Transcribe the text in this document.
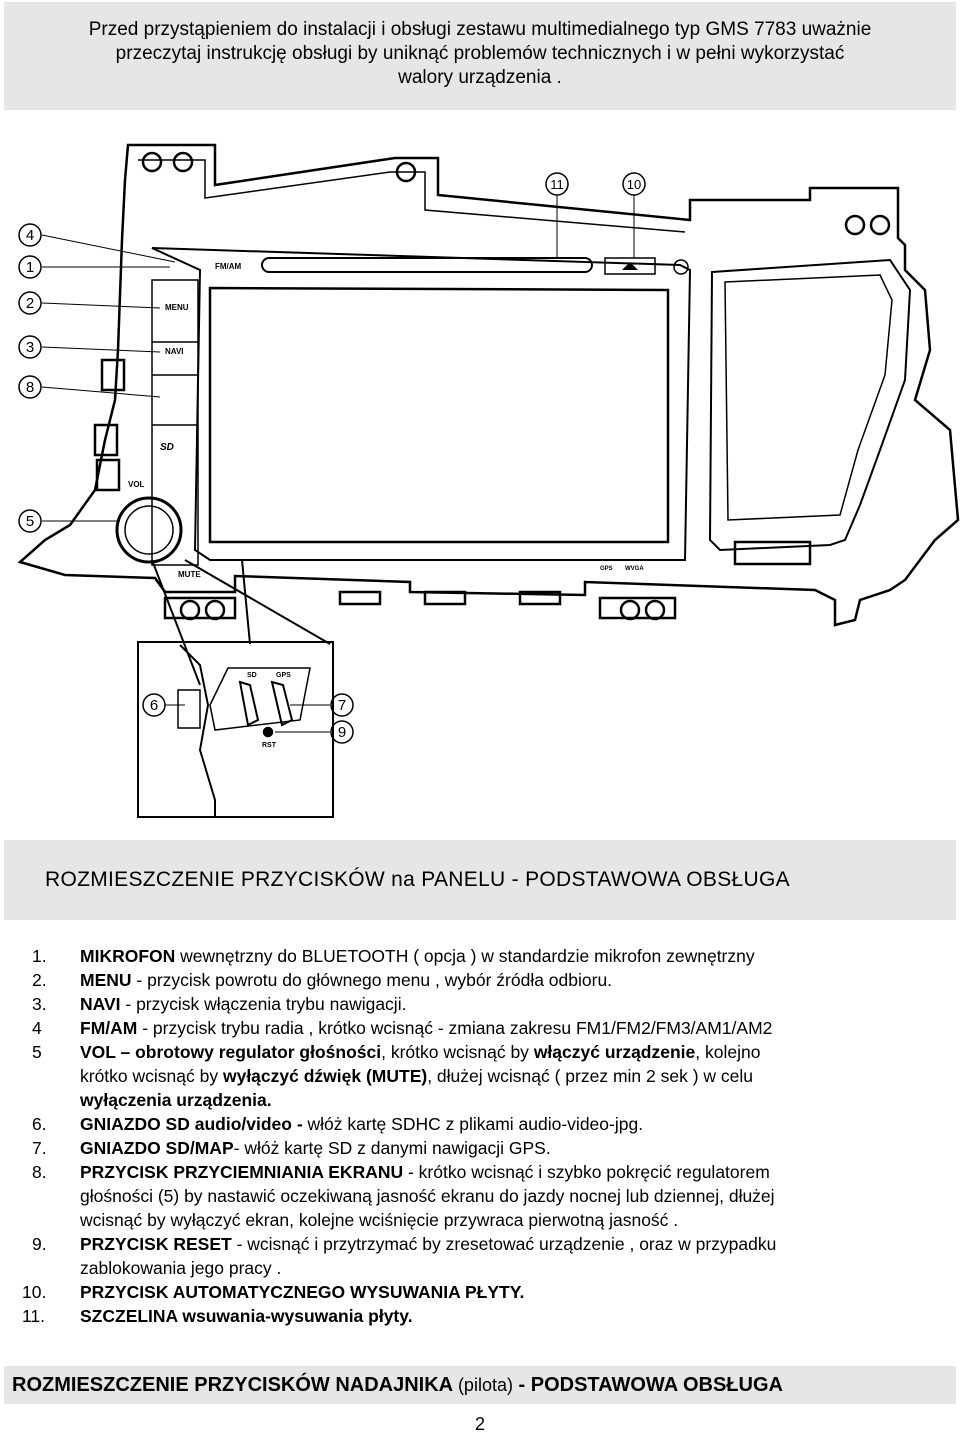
Przed przystąpieniem do instalacji i obsługi zestawu multimedialnego typ GMS 7783 uważnie
przeczytaj instrukcję obsługi by uniknąć problemów technicznych i w pełni wykorzystać
walory urządzenia .
4
1
2
3
8
5
11	10
6	7
9
FM/AM
MENU
NAVI
SD
VOL
MUTE
GPS WVGA
SD	GPS
RST
ROZMIESZCZENIE PRZYCISKÓW na PANELU - PODSTAWOWA OBSŁUGA
1. MIKROFON wewnętrzny do BLUETOOTH ( opcja ) w standardzie mikrofon zewnętrzny
2. MENU - przycisk powrotu do głównego menu , wybór źródła odbioru.
3. NAVI - przycisk włączenia trybu nawigacji.
4 FM/AM - przycisk trybu radia , krótko wcisnąć - zmiana zakresu FM1/FM2/FM3/AM1/AM2
5 VOL – obrotowy regulator głośności, krótko wcisnąć by włączyć urządzenie, kolejno
krótko wcisnąć by wyłączyć dźwięk (MUTE), dłużej wcisnąć ( przez min 2 sek ) w celu
wyłączenia urządzenia.
6. GNIAZDO SD audio/video - włóż kartę SDHC z plikami audio-video-jpg.
7. GNIAZDO SD/MAP- włóż kartę SD z danymi nawigacji GPS.
8. PRZYCISK PRZYCIEMNIANIA EKRANU - krótko wcisnąć i szybko pokręcić regulatorem
głośności (5) by nastawić oczekiwaną jasność ekranu do jazdy nocnej lub dziennej, dłużej
wcisnąć by wyłączyć ekran, kolejne wciśnięcie przywraca pierwotną jasność .
9. PRZYCISK RESET - wcisnąć i przytrzymać by zresetować urządzenie , oraz w przypadku
zablokowania jego pracy .
10. PRZYCISK AUTOMATYCZNEGO WYSUWANIA PŁYTY.
11. SZCZELINA wsuwania-wysuwania płyty.
ROZMIESZCZENIE PRZYCISKÓW NADAJNIKA (pilota) - PODSTAWOWA OBSŁUGA
2
